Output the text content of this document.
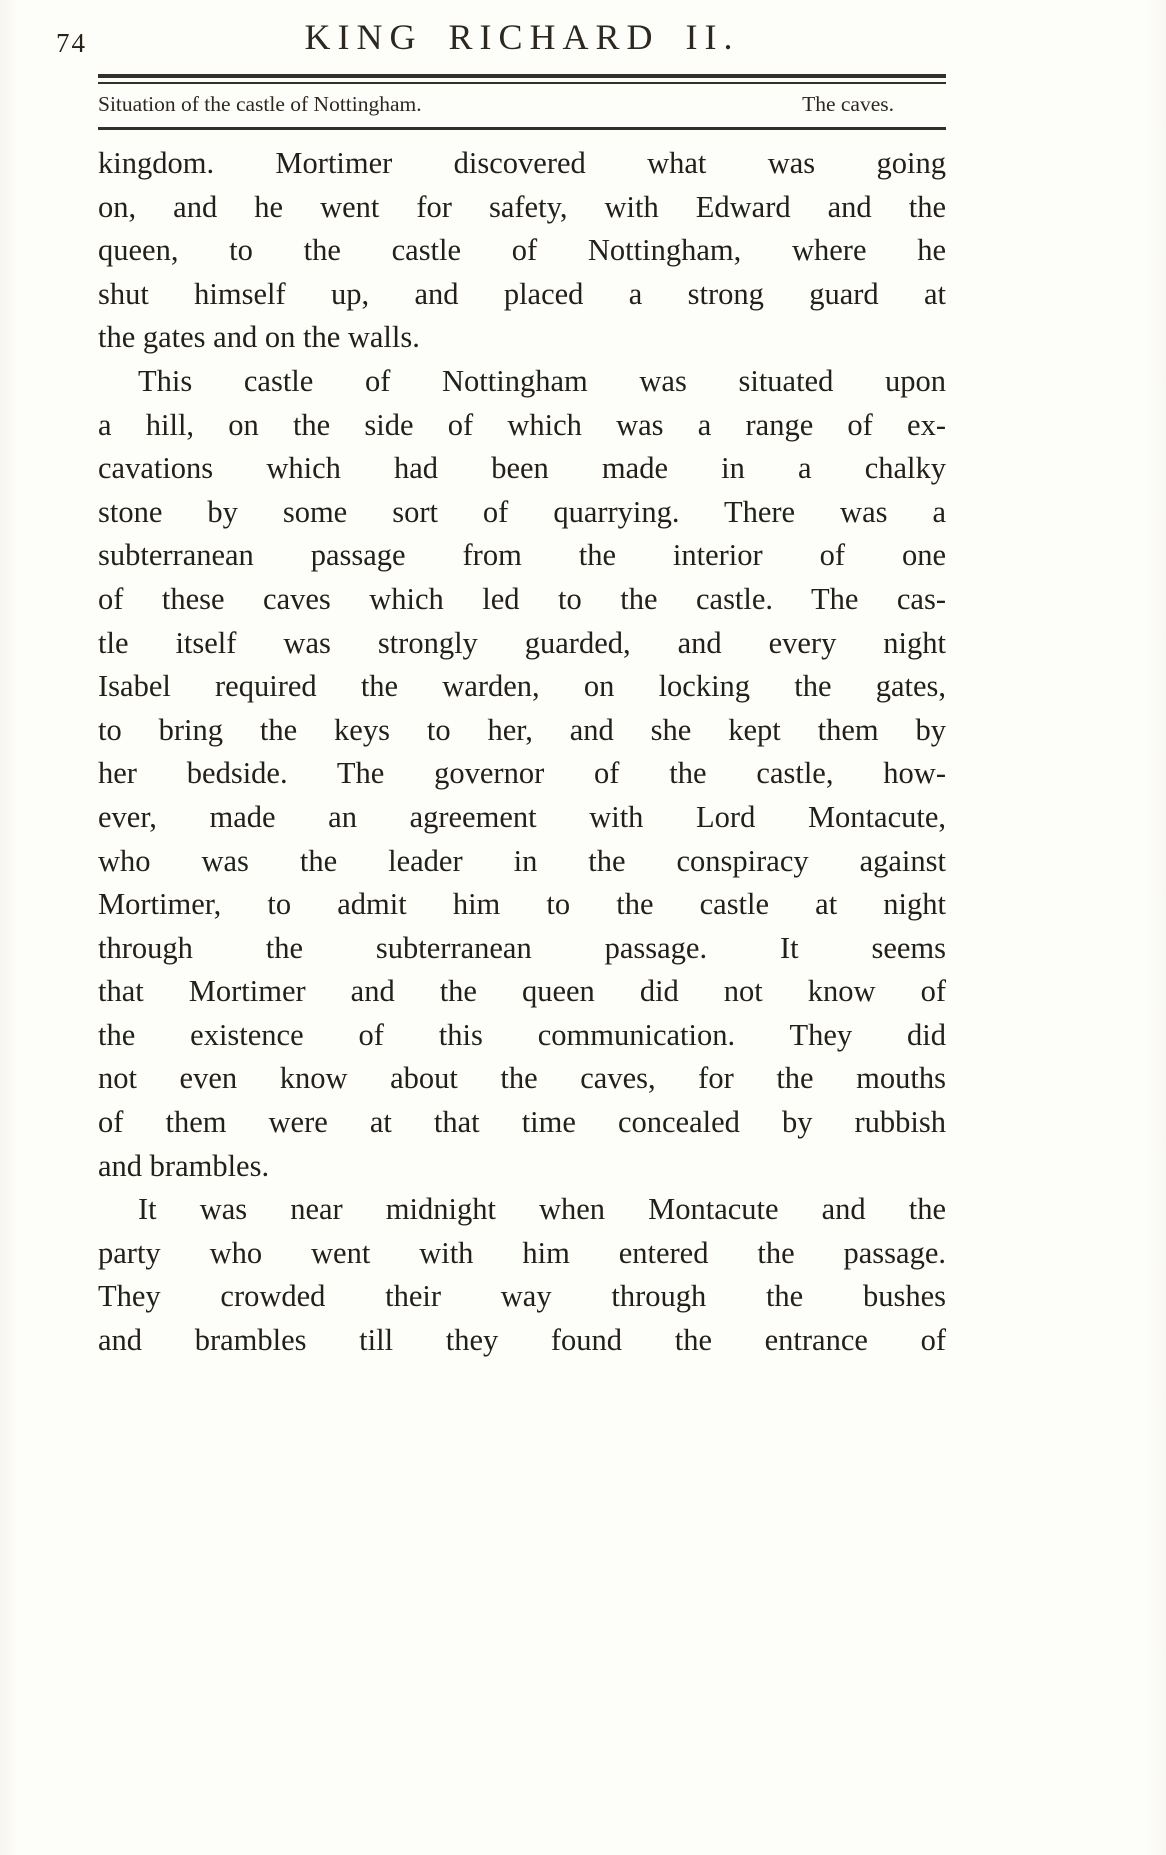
74	KING RICHARD II.
Situation of the castle of Nottingham.	The caves.
kingdom. Mortimer discovered what was going
on, and he went for safety, with Edward and the
queen, to the castle of Nottingham, where he
shut himself up, and placed a strong guard at
the gates and on the walls.
This castle of Nottingham was situated upon
a hill, on the side of which was a range of ex-
cavations which had been made in a chalky
stone by some sort of quarrying. There was a
subterranean passage from the interior of one
of these caves which led to the castle. The cas-
tle itself was strongly guarded, and every night
Isabel required the warden, on locking the gates,
to bring the keys to her, and she kept them by
her bedside. The governor of the castle, how-
ever, made an agreement with Lord Montacute,
who was the leader in the conspiracy against
Mortimer, to admit him to the castle at night
through the subterranean passage. It seems
that Mortimer and the queen did not know of
the existence of this communication. They did
not even know about the caves, for the mouths
of them were at that time concealed by rubbish
and brambles.
It was near midnight when Montacute and the
party who went with him entered the passage.
They crowded their way through the bushes
and brambles till they found the entrance of
